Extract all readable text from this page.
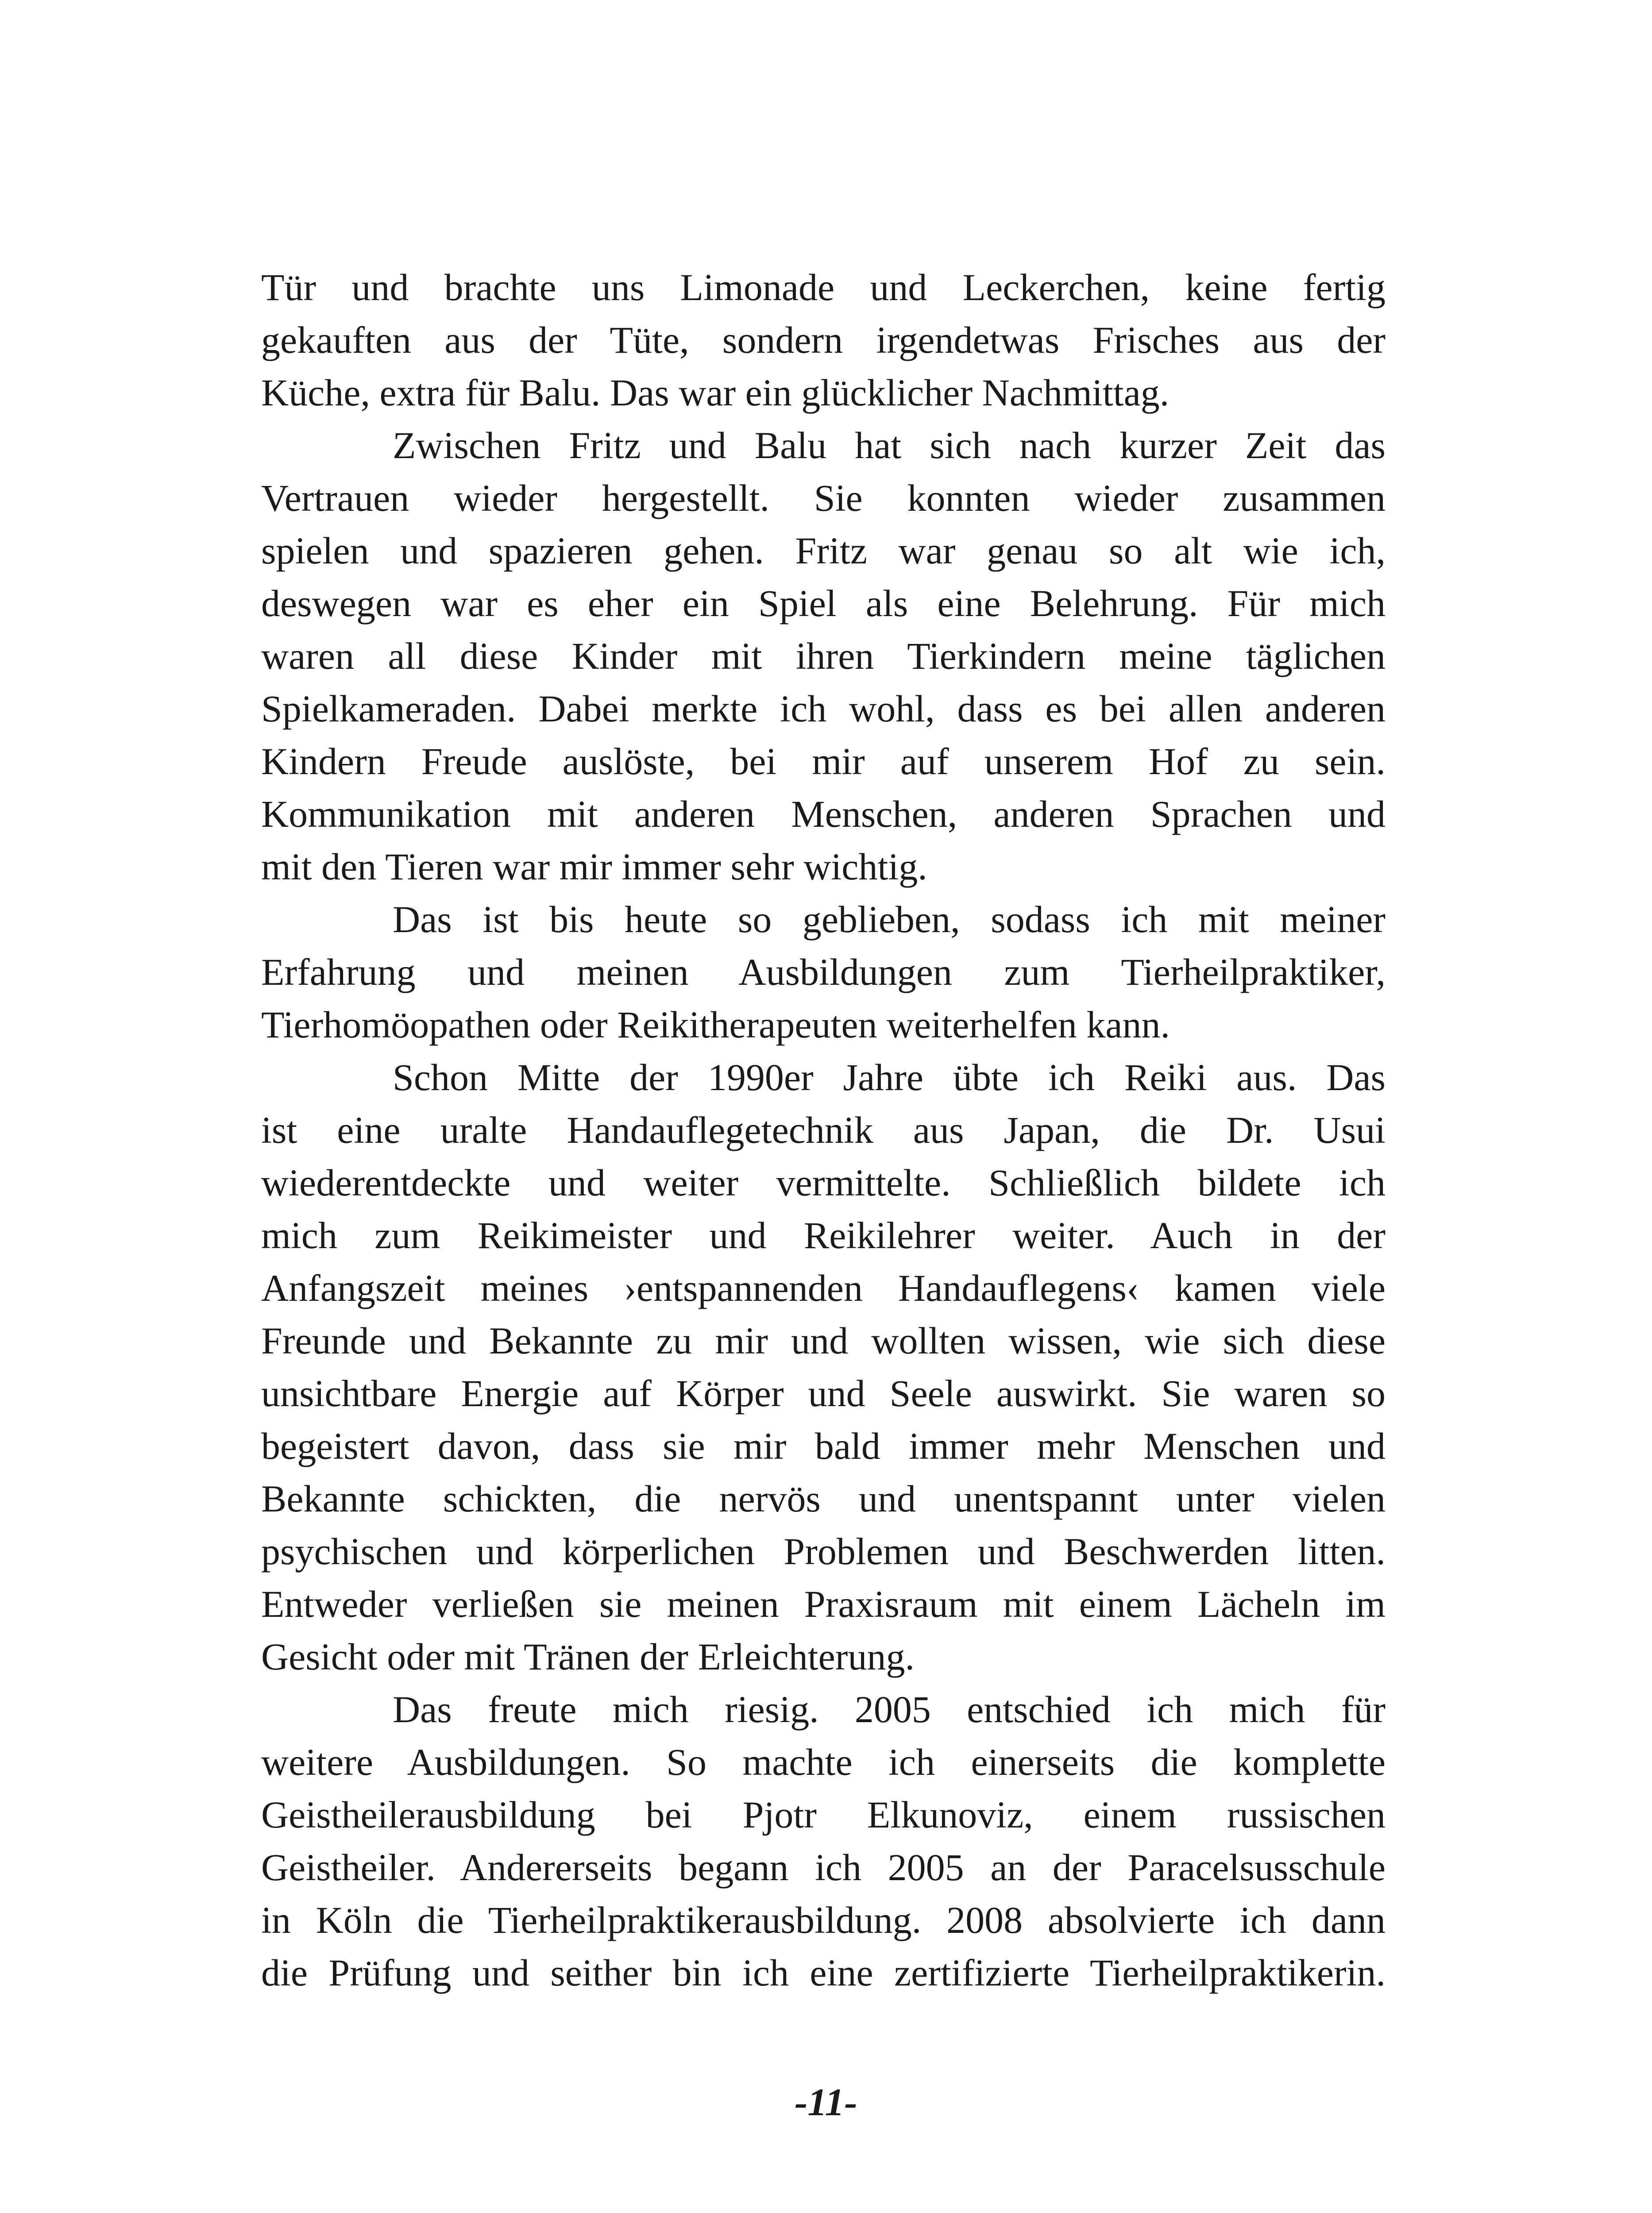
Tür und brachte uns Limonade und Leckerchen, keine fertig
gekauften aus der Tüte, sondern irgendetwas Frisches aus der
Küche, extra für Balu. Das war ein glücklicher Nachmittag.

Zwischen Fritz und Balu hat sich nach kurzer Zeit das
Vertrauen wieder hergestellt. Sie konnten wieder zusammen
spielen und spazieren gehen. Fritz war genau so alt wie ich,
deswegen war es eher ein Spiel als eine Belehrung. Für mich
waren all diese Kinder mit ihren Tierkindern meine täglichen
Spielkameraden. Dabei merkte ich wohl, dass es bei allen anderen
Kindern Freude auslöste, bei mir auf unserem Hof zu sein.
Kommunikation mit anderen Menschen, anderen Sprachen und
mit den Tieren war mir immer sehr wichtig.

Das ist bis heute so geblieben, sodass ich mit meiner
Erfahrung und meinen Ausbildungen zum Tierheilpraktiker,
Tierhomöopathen oder Reikitherapeuten weiterhelfen kann.

Schon Mitte der 1990er Jahre übte ich Reiki aus. Das
ist eine uralte Handauflegetechnik aus Japan, die Dr. Usui
wiederentdeckte und weiter vermittelte. Schließlich bildete ich
mich zum Reikimeister und Reikilehrer weiter. Auch in der
Anfangszeit meines ›entspannenden Handauflegens‹ kamen viele
Freunde und Bekannte zu mir und wollten wissen, wie sich diese
unsichtbare Energie auf Körper und Seele auswirkt. Sie waren so
begeistert davon, dass sie mir bald immer mehr Menschen und
Bekannte schickten, die nervös und unentspannt unter vielen
psychischen und körperlichen Problemen und Beschwerden litten.
Entweder verließen sie meinen Praxisraum mit einem Lächeln im
Gesicht oder mit Tränen der Erleichterung.

Das freute mich riesig. 2005 entschied ich mich für
weitere Ausbildungen. So machte ich einerseits die komplette
Geistheilerausbildung bei Pjotr Elkunoviz, einem russischen
Geistheiler. Andererseits begann ich 2005 an der Paracelsusschule
in Köln die Tierheilpraktikerausbildung. 2008 absolvierte ich dann
die Prüfung und seither bin ich eine zertifizierte Tierheilpraktikerin.

-11-
